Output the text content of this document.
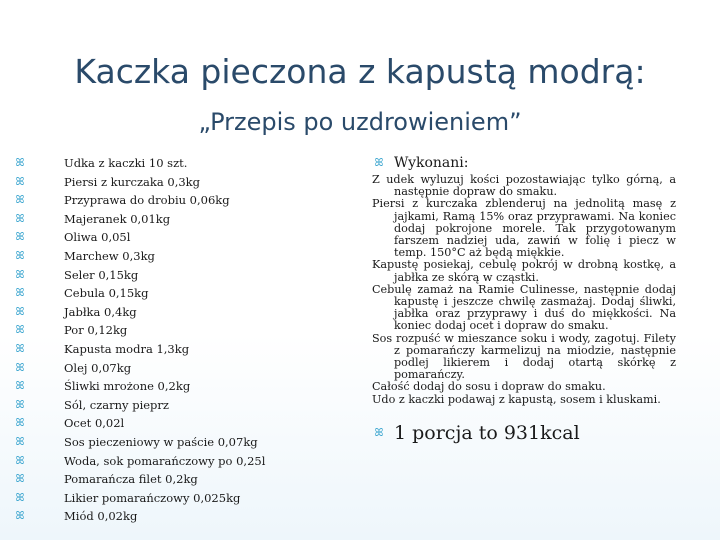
Kaczka pieczona z kapustą modrą:
„Przepis po uzdrowieniem”
ꕤ	Udka z kaczki 10 szt.
ꕤ	Piersi z kurczaka 0,3kg
ꕤ	Przyprawa do drobiu 0,06kg
ꕤ	Majeranek 0,01kg
ꕤ	Oliwa 0,05l
ꕤ	Marchew 0,3kg
ꕤ	Seler 0,15kg
ꕤ	Cebula 0,15kg
ꕤ	Jabłka 0,4kg
ꕤ	Por 0,12kg
ꕤ	Kapusta modra 1,3kg
ꕤ	Olej 0,07kg
ꕤ	Śliwki mrożone 0,2kg
ꕤ	Sól, czarny pieprz
ꕤ	Ocet 0,02l
ꕤ	Sos pieczeniowy w paście 0,07kg
ꕤ	Woda, sok pomarańczowy po 0,25l
ꕤ	Pomarańcza filet 0,2kg
ꕤ	Likier pomarańczowy 0,025kg
ꕤ	Miód 0,02kg
ꕤ Wykonani:

Z udek wyluzuj kości pozostawiając tylko górną, a następnie dopraw do smaku.

Piersi z kurczaka zblenderuj na jednolitą masę z jajkami, Ramą 15% oraz przyprawami. Na koniec dodaj pokrojone morele. Tak przygotowanym farszem nadziej uda, zawiń w folię i piecz w temp. 150°C aż będą miękkie.

Kapustę posiekaj, cebulę pokrój w drobną kostkę, a jabłka ze skórą w cząstki.

Cebulę zamaż na Ramie Culinesse, następnie dodaj kapustę i jeszcze chwilę zasmażaj. Dodaj śliwki, jabłka oraz przyprawy i duś do miękkości. Na koniec dodaj ocet i dopraw do smaku.

Sos rozpuść w mieszance soku i wody, zagotuj. Filety z pomarańczy karmelizuj na miodzie, następnie podlej likierem i dodaj otartą skórkę z pomarańczy.

Całość dodaj do sosu i dopraw do smaku.

Udo z kaczki podawaj z kapustą, sosem i kluskami.

ꕤ 1 porcja to 931kcal
